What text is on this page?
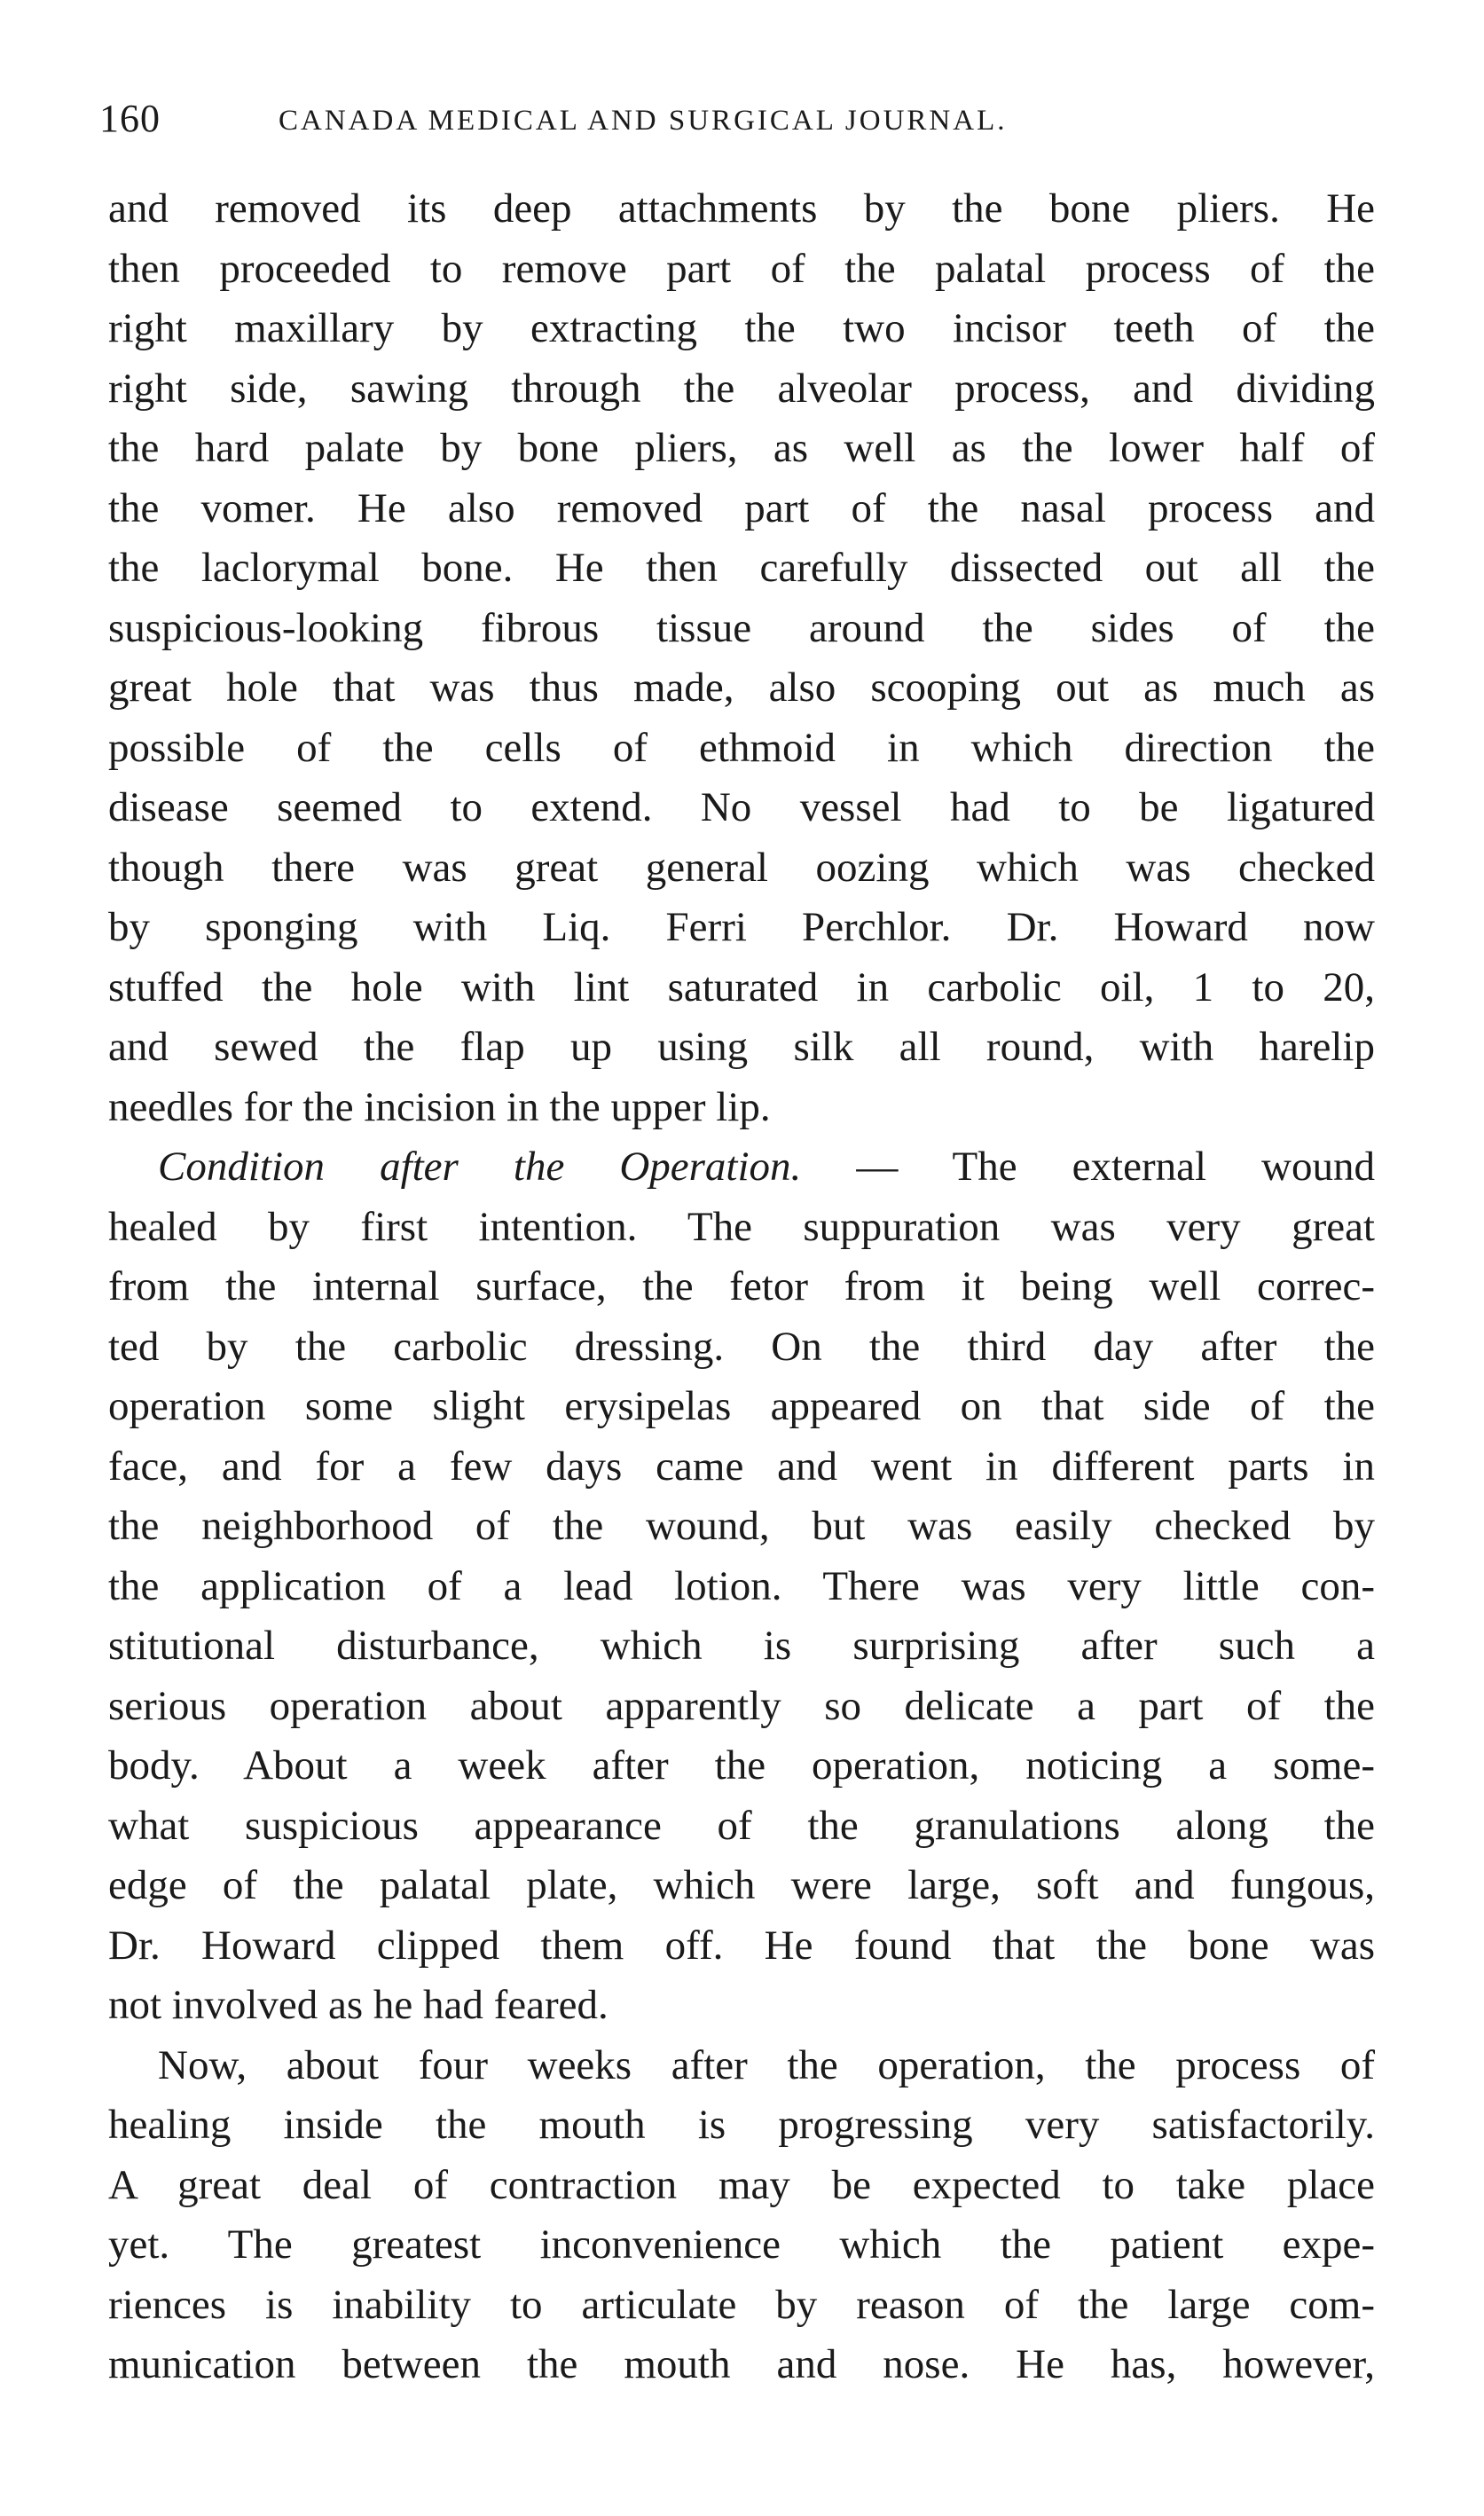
160	CANADA MEDICAL AND SURGICAL JOURNAL.
and removed its deep attachments by the bone pliers. He
then proceeded to remove part of the palatal process of the
right maxillary by extracting the two incisor teeth of the
right side, sawing through the alveolar process, and dividing
the hard palate by bone pliers, as well as the lower half of
the vomer. He also removed part of the nasal process and
the laclorymal bone. He then carefully dissected out all the
suspicious-looking fibrous tissue around the sides of the
great hole that was thus made, also scooping out as much as
possible of the cells of ethmoid in which direction the
disease seemed to extend. No vessel had to be ligatured
though there was great general oozing which was checked
by sponging with Liq. Ferri Perchlor. Dr. Howard now
stuffed the hole with lint saturated in carbolic oil, 1 to 20,
and sewed the flap up using silk all round, with harelip
needles for the incision in the upper lip.
Condition after the Operation. — The external wound
healed by first intention. The suppuration was very great
from the internal surface, the fetor from it being well correc-
ted by the carbolic dressing. On the third day after the
operation some slight erysipelas appeared on that side of the
face, and for a few days came and went in different parts in
the neighborhood of the wound, but was easily checked by
the application of a lead lotion. There was very little con-
stitutional disturbance, which is surprising after such a
serious operation about apparently so delicate a part of the
body. About a week after the operation, noticing a some-
what suspicious appearance of the granulations along the
edge of the palatal plate, which were large, soft and fungous,
Dr. Howard clipped them off. He found that the bone was
not involved as he had feared.
Now, about four weeks after the operation, the process of
healing inside the mouth is progressing very satisfactorily.
A great deal of contraction may be expected to take place
yet. The greatest inconvenience which the patient expe-
riences is inability to articulate by reason of the large com-
munication between the mouth and nose. He has, however,
